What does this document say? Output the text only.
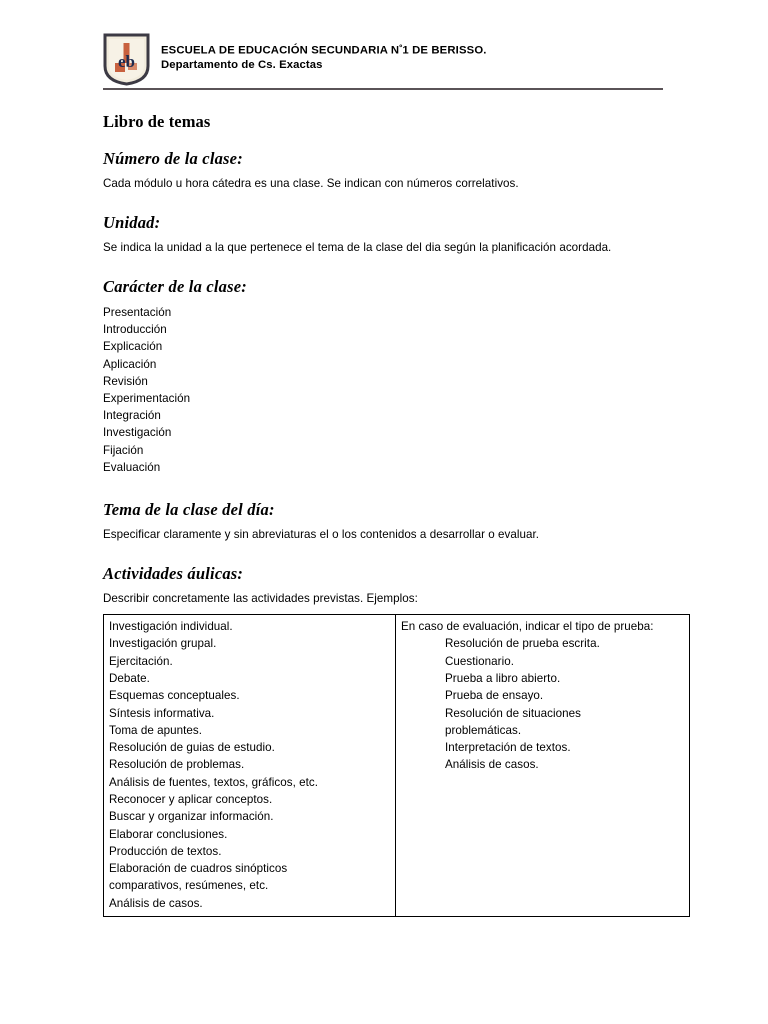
eb
ESCUELA DE EDUCACIÓN SECUNDARIA $N^º1$ DE BERISSO.
Departamento de Cs. Exactas
Libro de temas
Número de la clase:

Cada módulo u hora cátedra es una clase. Se indican con números correlativos.

Unidad:

Se indica la unidad a la que pertenece el tema de la clase del dia según la planificación acordada.

Carácter de la clase:
Presentación
Introducción
Explicación
Aplicación
Revisión
Experimentación
Integración
Investigación
Fijación
Evaluación
Tema de la clase del día:

Especificar claramente y sin abreviaturas el o los contenidos a desarrollar o evaluar.

Actividades áulicas:

Describir concretamente las actividades previstas. Ejemplos:

Investigación individual.
Investigación grupal.
Ejercitación.
Debate.
Esquemas conceptuales.
Síntesis informativa.
Toma de apuntes.
Resolución de guias de estudio.
Resolución de problemas.
Análisis de fuentes, textos, gráficos, etc.
Reconocer y aplicar conceptos.
Buscar y organizar información.
Elaborar conclusiones.
Producción de textos.
Elaboración de cuadros sinópticos
comparativos, resúmenes, etc.
Análisis de casos.

En caso de evaluación, indicar el tipo de prueba:
Resolución de prueba escrita.
Cuestionario.
Prueba a libro abierto.
Prueba de ensayo.
Resolución de situaciones
problemáticas.
Interpretación de textos.
Análisis de casos.
